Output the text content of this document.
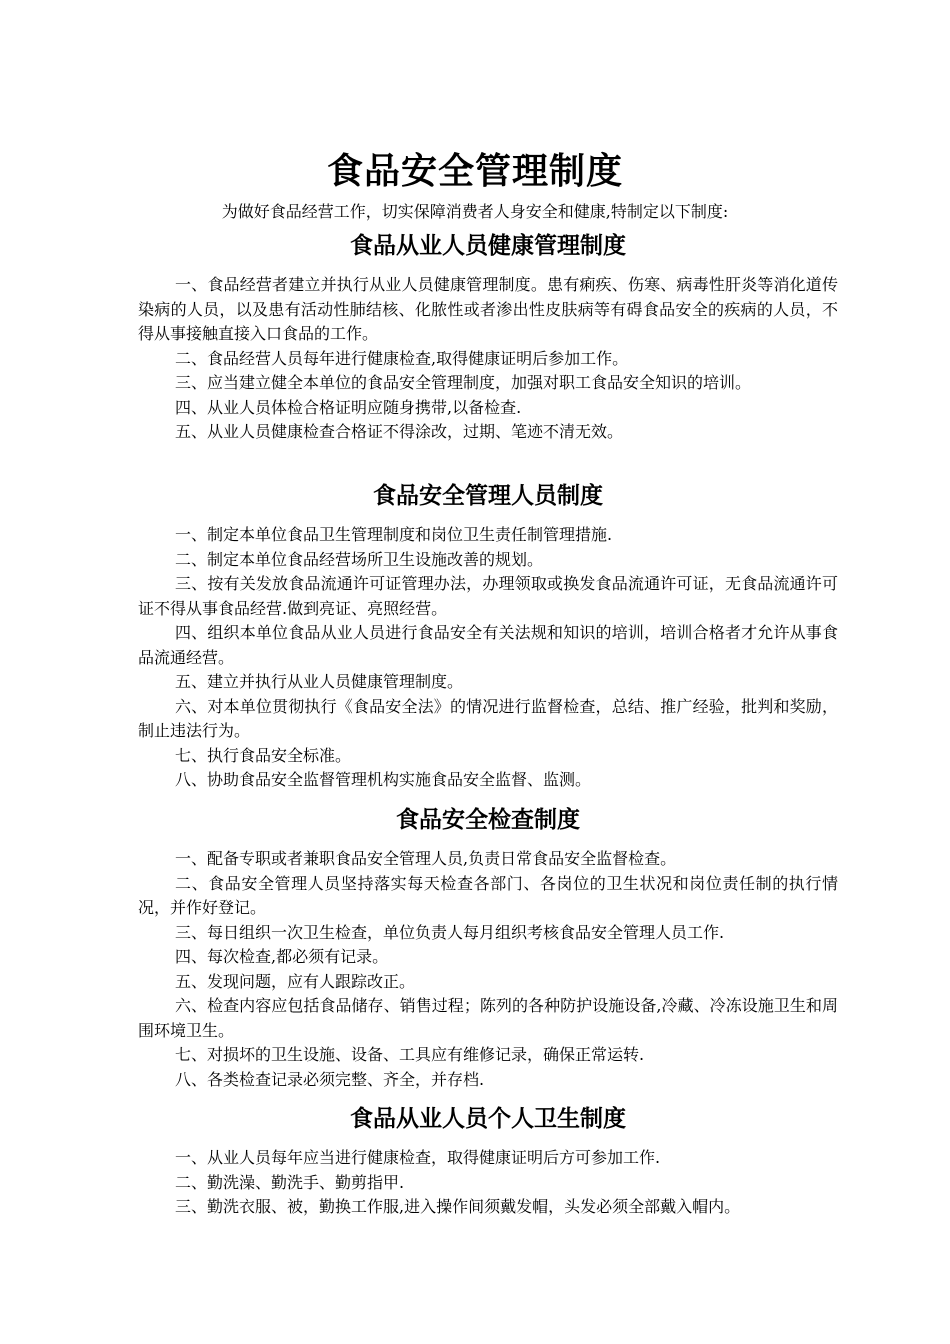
食品安全管理制度
为做好食品经营工作，切实保障消费者人身安全和健康,特制定以下制度:
食品从业人员健康管理制度
一、食品经营者建立并执行从业人员健康管理制度。患有痢疾、伤寒、病毒性肝炎等消化道传染病的人员，以及患有活动性肺结核、化脓性或者渗出性皮肤病等有碍食品安全的疾病的人员，不得从事接触直接入口食品的工作。
二、食品经营人员每年进行健康检查,取得健康证明后参加工作。
三、应当建立健全本单位的食品安全管理制度，加强对职工食品安全知识的培训。
四、从业人员体检合格证明应随身携带,以备检查.
五、从业人员健康检查合格证不得涂改，过期、笔迹不清无效。
食品安全管理人员制度
一、制定本单位食品卫生管理制度和岗位卫生责任制管理措施.
二、制定本单位食品经营场所卫生设施改善的规划。
三、按有关发放食品流通许可证管理办法，办理领取或换发食品流通许可证，无食品流通许可证不得从事食品经营.做到亮证、亮照经营。
四、组织本单位食品从业人员进行食品安全有关法规和知识的培训，培训合格者才允许从事食品流通经营。
五、建立并执行从业人员健康管理制度。
六、对本单位贯彻执行《食品安全法》的情况进行监督检查，总结、推广经验，批判和奖励，制止违法行为。
七、执行食品安全标准。
八、协助食品安全监督管理机构实施食品安全监督、监测。
食品安全检查制度
一、配备专职或者兼职食品安全管理人员,负责日常食品安全监督检查。
二、食品安全管理人员坚持落实每天检查各部门、各岗位的卫生状况和岗位责任制的执行情况，并作好登记。
三、每日组织一次卫生检查，单位负责人每月组织考核食品安全管理人员工作.
四、每次检查,都必须有记录。
五、发现问题，应有人跟踪改正。
六、检查内容应包括食品储存、销售过程；陈列的各种防护设施设备,冷藏、冷冻设施卫生和周围环境卫生。
七、对损坏的卫生设施、设备、工具应有维修记录，确保正常运转.
八、各类检查记录必须完整、齐全，并存档.
食品从业人员个人卫生制度
一、从业人员每年应当进行健康检查，取得健康证明后方可参加工作.
二、勤洗澡、勤洗手、勤剪指甲.
三、勤洗衣服、被，勤换工作服,进入操作间须戴发帽，头发必须全部戴入帽内。
